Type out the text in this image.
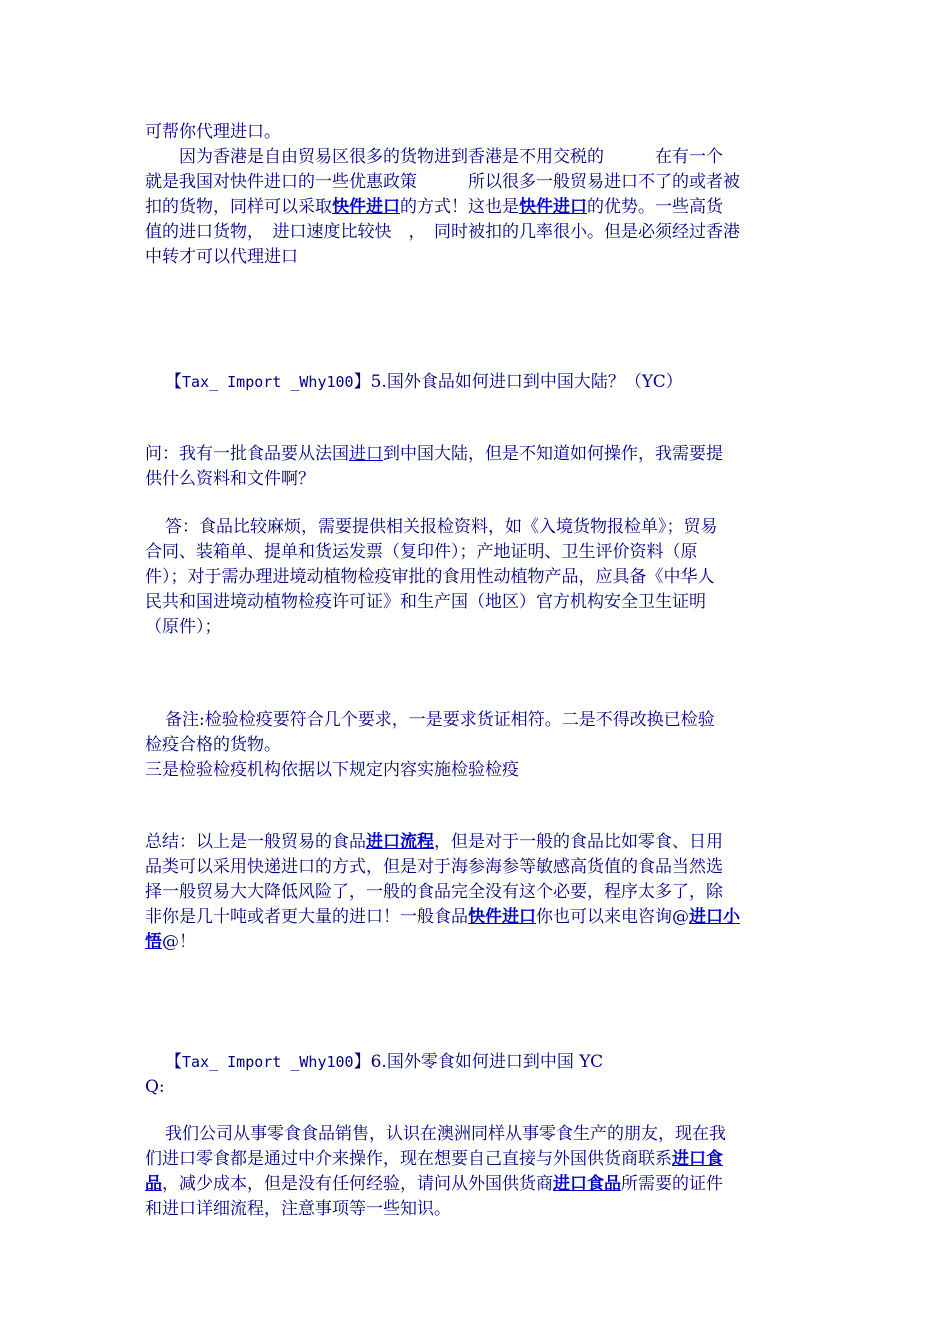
可帮你代理进口。
因为香港是自由贸易区很多的货物进到香港是不用交税的　　　在有一个
就是我国对快件进口的一些优惠政策　　　所以很多一般贸易进口不了的或者被
扣的货物，同样可以采取快件进口的方式！这也是快件进口的优势。一些高货
值的进口货物，　进口速度比较快　，　同时被扣的几率很小。但是必须经过香港
中转才可以代理进口
【Tax_ Import _Why100】5.国外食品如何进口到中国大陆？（YC）
问：我有一批食品要从法国进口到中国大陆，但是不知道如何操作，我需要提
供什么资料和文件啊？
答：食品比较麻烦，需要提供相关报检资料，如《入境货物报检单》；贸易
合同、装箱单、提单和货运发票（复印件）；产地证明、卫生评价资料（原
件）；对于需办理进境动植物检疫审批的食用性动植物产品，应具备《中华人
民共和国进境动植物检疫许可证》和生产国（地区）官方机构安全卫生证明
（原件）；
备注:检验检疫要符合几个要求，一是要求货证相符。二是不得改换已检验
检疫合格的货物。
三是检验检疫机构依据以下规定内容实施检验检疫
总结：以上是一般贸易的食品进口流程，但是对于一般的食品比如零食、日用
品类可以采用快递进口的方式，但是对于海参海参等敏感高货值的食品当然选
择一般贸易大大降低风险了，一般的食品完全没有这个必要，程序太多了，除
非你是几十吨或者更大量的进口！一般食品快件进口你也可以来电咨询@进口小
悟@！
【Tax_ Import _Why100】6.国外零食如何进口到中国 YC
Q:
我们公司从事零食食品销售，认识在澳洲同样从事零食生产的朋友，现在我
们进口零食都是通过中介来操作，现在想要自己直接与外国供货商联系进口食
品，减少成本，但是没有任何经验，请问从外国供货商进口食品所需要的证件
和进口详细流程，注意事项等一些知识。
